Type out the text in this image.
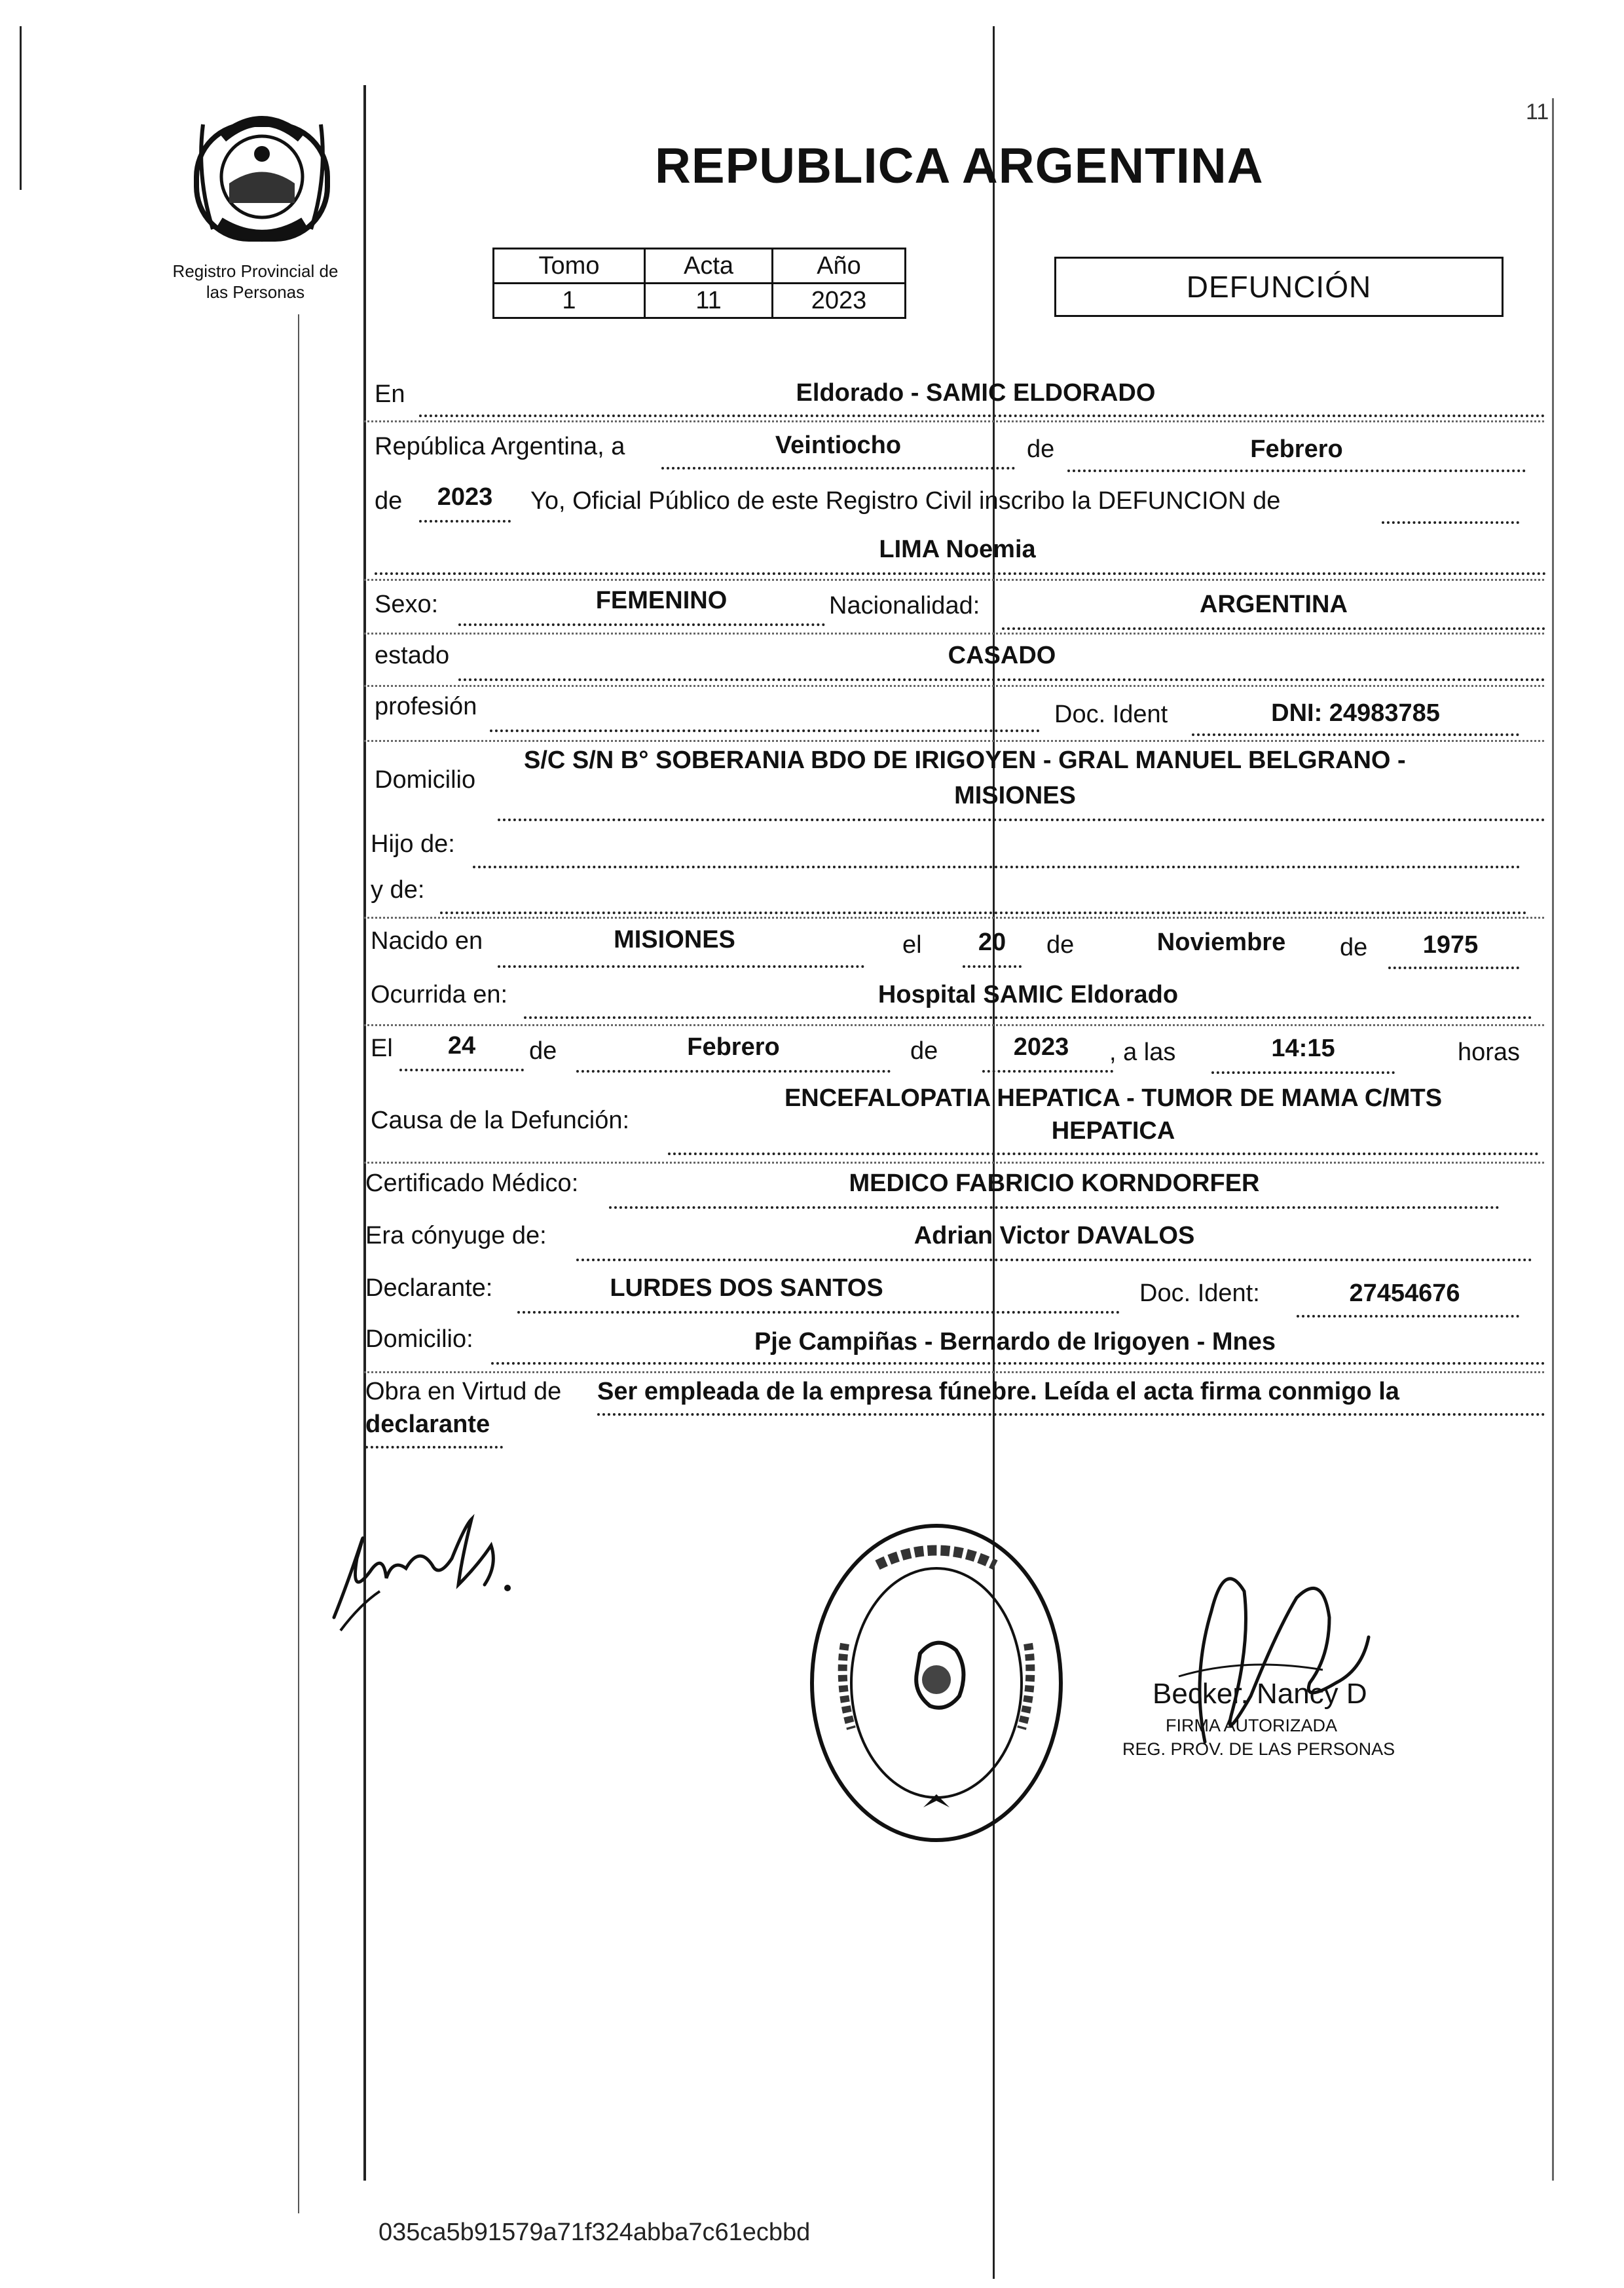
Registro Provincial de
las Personas
11
REPUBLICA ARGENTINA
Tomo	Acta	Año
1	11	2023	DEFUNCIÓN
En	Eldorado - SAMIC ELDORADO
República Argentina, a	Veintiocho	de	Febrero
de	2023	Yo, Oficial Público de este Registro Civil inscribo la DEFUNCION de
LIMA Noemia
Sexo:	FEMENINO	Nacionalidad:	ARGENTINA
estado	CASADO
profesión	Doc. Ident	DNI: 24983785
Domicilio
S/C S/N B° SOBERANIA BDO DE IRIGOYEN - GRAL MANUEL BELGRANO -
MISIONES
Hijo de:
y de:
Nacido en	MISIONES	el	20	de	Noviembre	de	1975
Ocurrida en:	Hospital SAMIC Eldorado
El	24	de	Febrero	de	2023	, a las	14:15	horas
Causa de la Defunción:
ENCEFALOPATIA HEPATICA - TUMOR DE MAMA C/MTS
HEPATICA
Certificado Médico:	MEDICO FABRICIO KORNDORFER
Era cónyuge de:	Adrian Victor DAVALOS
Declarante:	LURDES DOS SANTOS	Doc. Ident:	27454676
Domicilio:	Pje Campiñas - Bernardo de Irigoyen - Mnes
Obra en Virtud de Ser empleada de la empresa fúnebre. Leída el acta firma conmigo la
declarante
Becker, Nancy D
FIRMA AUTORIZADA
REG. PROV. DE LAS PERSONAS
035ca5b91579a71f324abba7c61ecbbd
